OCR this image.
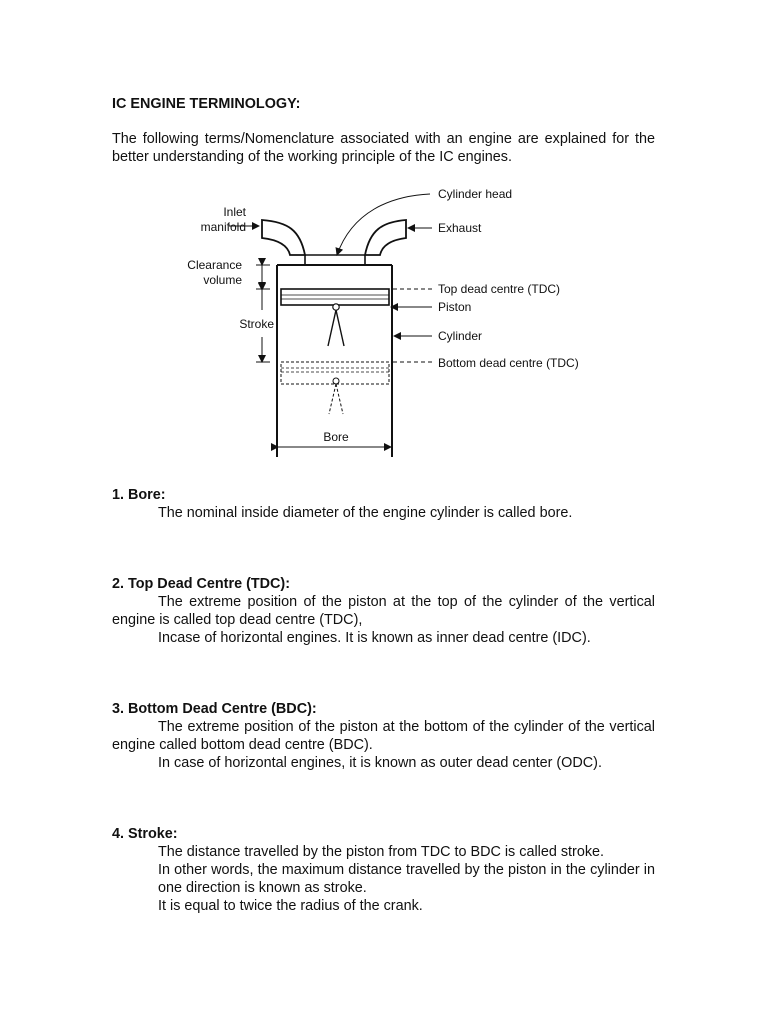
IC ENGINE TERMINOLOGY:

The following terms/Nomenclature associated with an engine are explained for the better understanding of the working principle of the IC engines.

Inlet
manifold
Clearance
volume
Stroke
Cylinder head
Exhaust
Top dead centre (TDC)
Piston
Cylinder
Bottom dead centre (TDC)
Bore
1. Bore:

The nominal inside diameter of the engine cylinder is called bore.

2. Top Dead Centre (TDC):

The extreme position of the piston at the top of the cylinder of the vertical engine is called top dead centre (TDC),

Incase of horizontal engines. It is known as inner dead centre (IDC).

3. Bottom Dead Centre (BDC):

The extreme position of the piston at the bottom of the cylinder of the vertical engine called bottom dead centre (BDC).

In case of horizontal engines, it is known as outer dead center (ODC).

4. Stroke:

The distance travelled by the piston from TDC to BDC is called stroke.

In other words, the maximum distance travelled by the piston in the cylinder in one direction is known as stroke.

It is equal to twice the radius of the crank.
